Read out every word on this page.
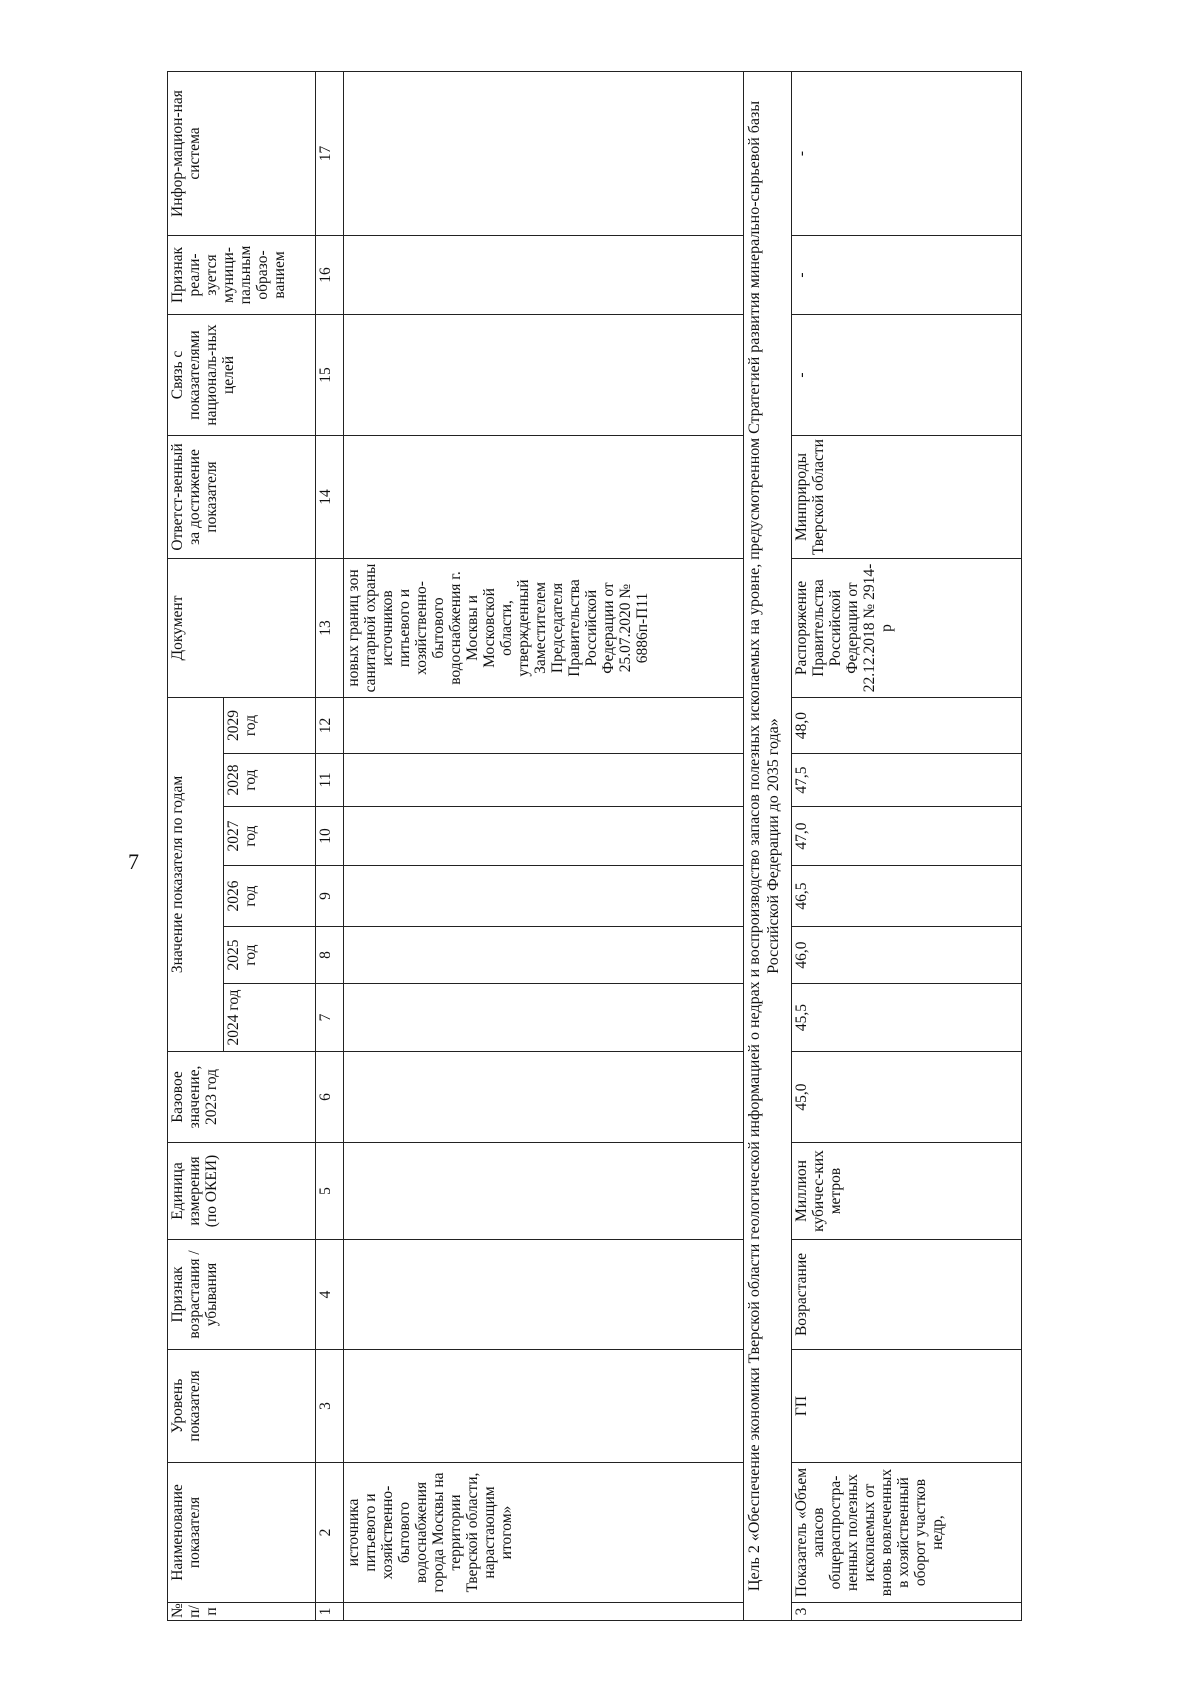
7
№ п/п	Наименование показателя	Уровень показателя	Признак возрастания /убывания	Единица измерения (по ОКЕИ)	Базовое значение, 2023 год	Значение показателя по годам						Документ	Ответст-венный за достижение показателя	Связь с показателями националь-ных целей	Признак реали-зуется муници-пальным образо-ванием	Инфор-мацион-ная система

						2024 год	2025 год	2026 год	2027 год	2028 год	2029 год					
1	2	3	4	5	6	7	8	9	10	11	12	13	14	15	16	17
	источника питьевого и хозяйственно-бытового водоснабжения города Москвы на территории Тверской области, нарастающим итогом»											новых границ зон санитарной охраны источников питьевого и хозяйственно-бытового водоснабжения г. Москвы и Московской области, утвержденный Заместителем Председателя Правительства Российской Федерации от 25.07.2020 № 6886п-П11				
Цель 2 «Обеспечение экономики Тверской области геологической информацией о недрах и воспроизводство запасов полезных ископаемых на уровне, предусмотренном Стратегией развития минерально-сырьевой базы Российской Федерации до 2035 года»																
3	Показатель «Объем запасов общераспростра-ненных полезных ископаемых от вновь вовлеченных в хозяйственный оборот участков недр,	ГП	Возрастание	Миллион кубичес-ких метров	45,0	45,5	46,0	46,5	47,0	47,5	48,0	Распоряжение Правительства Российской Федерации от 22.12.2018 № 2914-р	Минприроды Тверской области	-	-	-
